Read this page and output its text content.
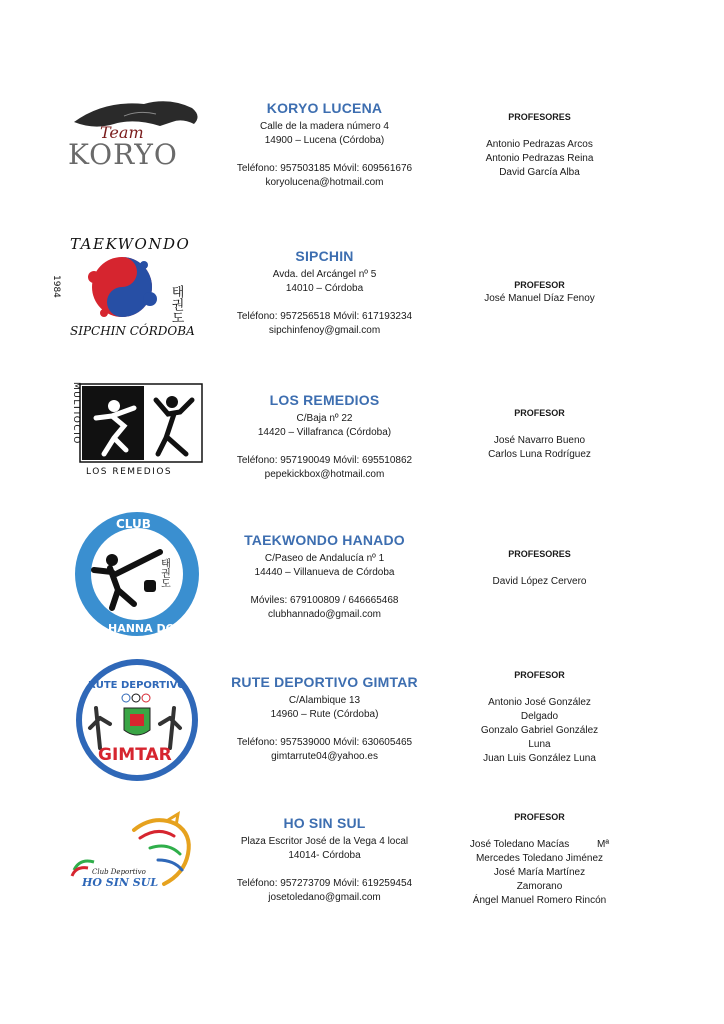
Team
KORYO
KORYO LUCENA
Calle de la madera número 4
14900 – Lucena (Córdoba)
Teléfono: 957503185 Móvil: 609561676
koryolucena@hotmail.com
PROFESORES
Antonio Pedrazas Arcos
Antonio Pedrazas Reina
David García Alba
TAEKWONDO
1984	태권도
SIPCHIN CÓRDOBA
SIPCHIN
Avda. del Arcángel nº 5
14010 – Córdoba
Teléfono: 957256518 Móvil: 617193234
sipchinfenoy@gmail.com
PROFESOR
José Manuel Díaz Fenoy
MULTIOCIO
LOS REMEDIOS
LOS REMEDIOS
C/Baja nº 22
14420 – Villafranca (Córdoba)
Teléfono: 957190049 Móvil: 695510862
pepekickbox@hotmail.com
PROFESOR
José Navarro Bueno
Carlos Luna Rodríguez
CLUB
HANNA DO
태권도
TAEKWONDO HANADO
C/Paseo de Andalucía nº 1
14440 – Villanueva de Córdoba
Móviles: 679100809 / 646665468
clubhannado@gmail.com
PROFESORES
David López Cervero
RUTE DEPORTIVO
GIMTAR
RUTE DEPORTIVO GIMTAR
C/Alambique 13
14960 – Rute (Córdoba)
Teléfono: 957539000 Móvil: 630605465
gimtarrute04@yahoo.es
PROFESOR
Antonio José González
Delgado
Gonzalo Gabriel González
Luna
Juan Luis González Luna
Club Deportivo
HO SIN SUL
HO SIN SUL
Plaza Escritor José de la Vega 4 local
14014- Córdoba
Teléfono: 957273709 Móvil: 619259454
josetoledano@gmail.com
PROFESOR
José Toledano Macías          Mª
Mercedes Toledano Jiménez
José María Martínez
Zamorano
Ángel Manuel Romero Rincón
